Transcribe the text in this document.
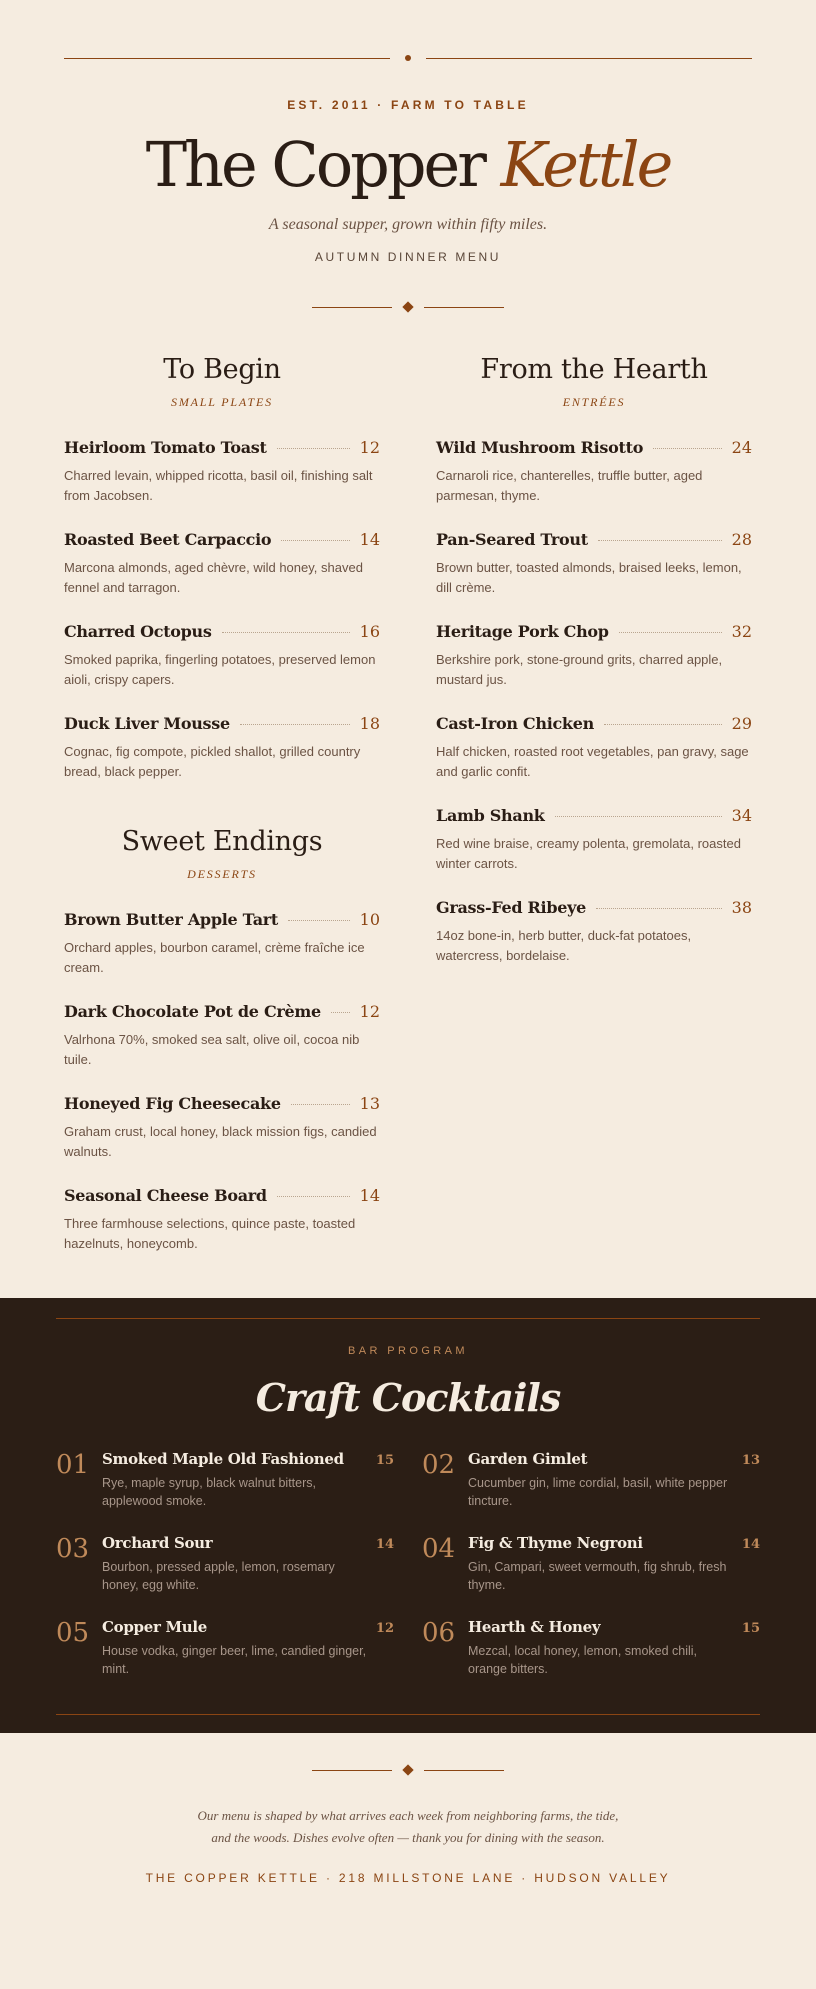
EST. 2011 · FARM TO TABLE
The Copper Kettle
A seasonal supper, grown within fifty miles.
AUTUMN DINNER MENU
To Begin
SMALL PLATES
Heirloom Tomato Toast	12

Charred levain, whipped ricotta, basil oil, finishing salt from Jacobsen.

Roasted Beet Carpaccio	14

Marcona almonds, aged chèvre, wild honey, shaved fennel and tarragon.

Charred Octopus	16

Smoked paprika, fingerling potatoes, preserved lemon aioli, crispy capers.

Duck Liver Mousse	18

Cognac, fig compote, pickled shallot, grilled country bread, black pepper.

Sweet Endings
DESSERTS
Brown Butter Apple Tart	10

Orchard apples, bourbon caramel, crème fraîche ice cream.

Dark Chocolate Pot de Crème 12

Valrhona 70%, smoked sea salt, olive oil, cocoa nib tuile.

Honeyed Fig Cheesecake	13

Graham crust, local honey, black mission figs, candied walnuts.

Seasonal Cheese Board	14

Three farmhouse selections, quince paste, toasted hazelnuts, honeycomb.

From the Hearth
ENTRÉES
Wild Mushroom Risotto	24

Carnaroli rice, chanterelles, truffle butter, aged parmesan, thyme.

Pan-Seared Trout	28

Brown butter, toasted almonds, braised leeks, lemon, dill crème.

Heritage Pork Chop	32

Berkshire pork, stone-ground grits, charred apple, mustard jus.

Cast-Iron Chicken	29

Half chicken, roasted root vegetables, pan gravy, sage and garlic confit.

Lamb Shank	34

Red wine braise, creamy polenta, gremolata, roasted winter carrots.

Grass-Fed Ribeye	38

14oz bone-in, herb butter, duck-fat potatoes, watercress, bordelaise.

BAR PROGRAM
Craft Cocktails
01 Smoked Maple Old Fashioned 15

Rye, maple syrup, black walnut bitters, applewood smoke.

02 Garden Gimlet	13

Cucumber gin, lime cordial, basil, white pepper tincture.

03 Orchard Sour	14

Bourbon, pressed apple, lemon, rosemary honey, egg white.

04 Fig & Thyme Negroni	14

Gin, Campari, sweet vermouth, fig shrub, fresh thyme.

05 Copper Mule	12

House vodka, ginger beer, lime, candied ginger, mint.

06 Hearth & Honey	15

Mezcal, local honey, lemon, smoked chili, orange bitters.

Our menu is shaped by what arrives each week from neighboring farms, the tide, and the woods. Dishes evolve often — thank you for dining with the season.

THE COPPER KETTLE · 218 MILLSTONE LANE · HUDSON VALLEY
